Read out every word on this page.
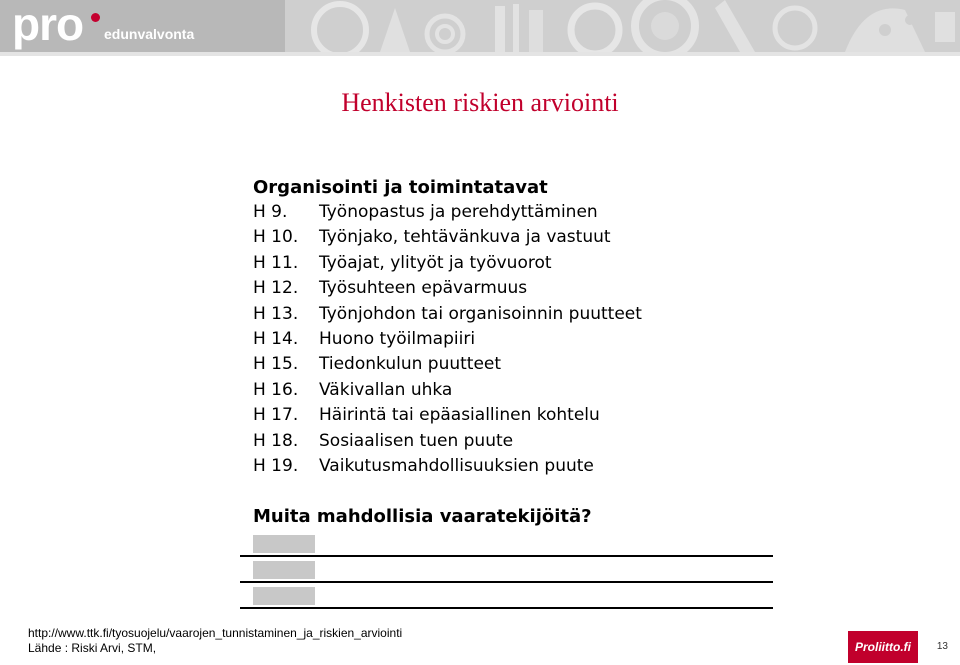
pro edunvalvonta
Henkisten riskien arviointi
Organisointi ja toimintatavat
H 9. Työnopastus ja perehdyttäminen
H 10. Työnjako, tehtävänkuva ja vastuut
H 11. Työajat, ylityöt ja työvuorot
H 12. Työsuhteen epävarmuus
H 13. Työnjohdon tai organisoinnin puutteet
H 14. Huono työilmapiiri
H 15. Tiedonkulun puutteet
H 16. Väkivallan uhka
H 17. Häirintä tai epäasiallinen kohtelu
H 18. Sosiaalisen tuen puute
H 19. Vaikutusmahdollisuuksien puute
Muita mahdollisia vaaratekijöitä?
http://www.ttk.fi/tyosuojelu/vaarojen_tunnistaminen_ja_riskien_arviointi
Lähde : Riski Arvi, STM,	Proliitto.fi	13
